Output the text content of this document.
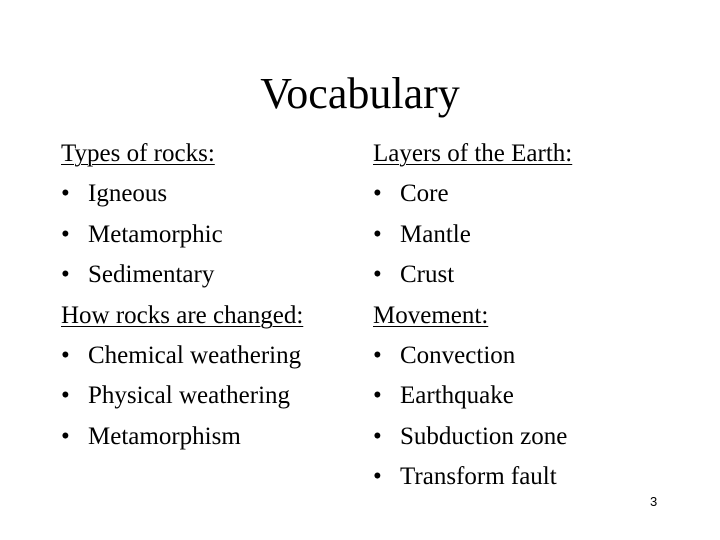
Vocabulary
Types of rocks:
• Igneous
• Metamorphic
• Sedimentary
How rocks are changed:
• Chemical weathering
• Physical weathering
• Metamorphism
Layers of the Earth:
• Core
• Mantle
• Crust
Movement:
• Convection
• Earthquake
• Subduction zone
• Transform fault
3
